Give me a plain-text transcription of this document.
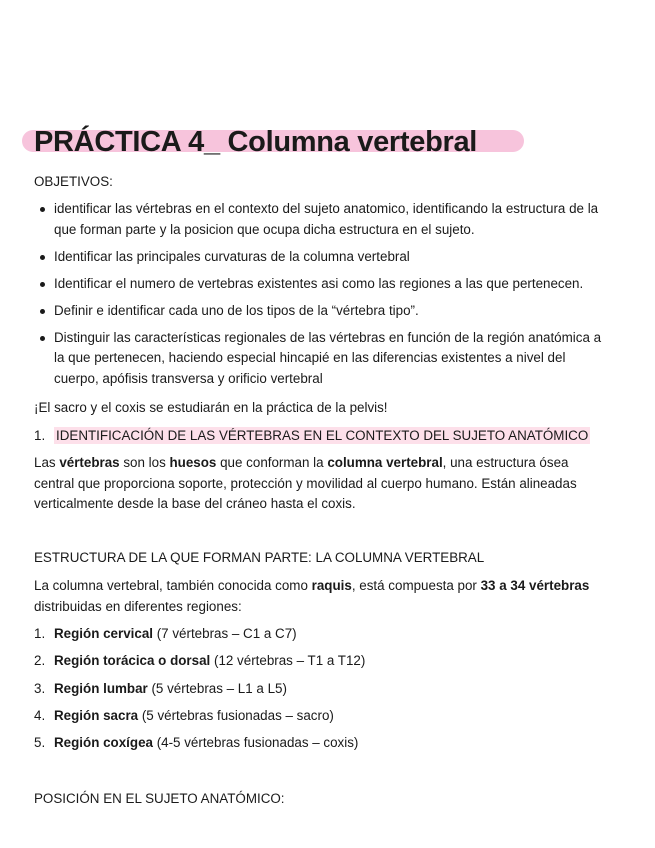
PRÁCTICA 4_ Columna vertebral

OBJETIVOS:

identificar las vértebras en el contexto del sujeto anatomico, identificando la estructura de la que forman parte y la posicion que ocupa dicha estructura en el sujeto.
Identificar las principales curvaturas de la columna vertebral
Identificar el numero de vertebras existentes asi como las regiones a las que pertenecen.
Definir e identificar cada uno de los tipos de la “vértebra tipo”.
Distinguir las características regionales de las vértebras en función de la región anatómica a la que pertenecen, haciendo especial hincapié en las diferencias existentes a nivel del cuerpo, apófisis transversa y orificio vertebral

¡El sacro y el coxis se estudiarán en la práctica de la pelvis!

1. IDENTIFICACIÓN DE LAS VÉRTEBRAS EN EL CONTEXTO DEL SUJETO ANATÓMICO

Las vértebras son los huesos que conforman la columna vertebral, una estructura ósea central que proporciona soporte, protección y movilidad al cuerpo humano. Están alineadas verticalmente desde la base del cráneo hasta el coxis.

ESTRUCTURA DE LA QUE FORMAN PARTE: LA COLUMNA VERTEBRAL

La columna vertebral, también conocida como raquis, está compuesta por 33 a 34 vértebras distribuidas en diferentes regiones:

1. Región cervical (7 vértebras – C1 a C7)
2. Región torácica o dorsal (12 vértebras – T1 a T12)
3. Región lumbar (5 vértebras – L1 a L5)
4. Región sacra (5 vértebras fusionadas – sacro)
5. Región coxígea (4-5 vértebras fusionadas – coxis)

POSICIÓN EN EL SUJETO ANATÓMICO:
